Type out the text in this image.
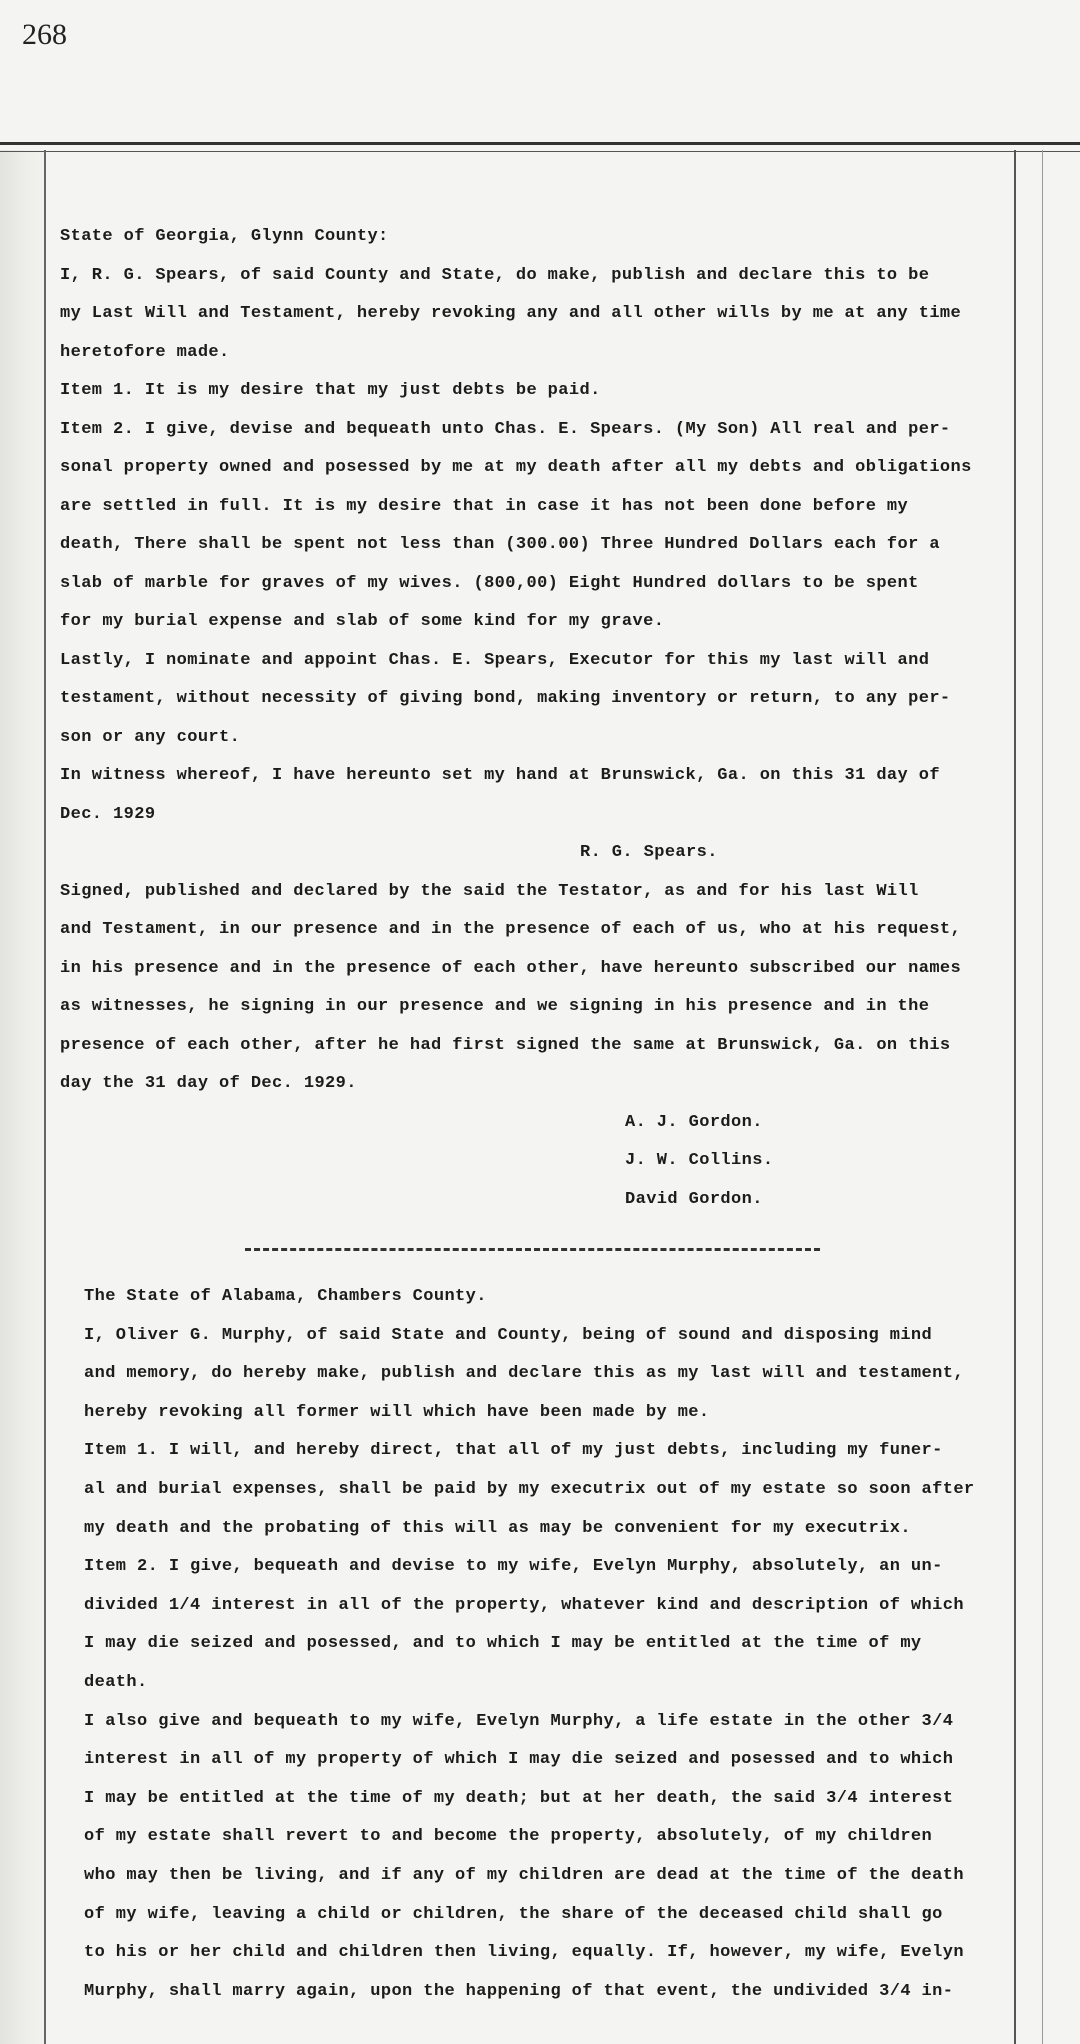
268

State of Georgia, Glynn County:

I, R. G. Spears, of said County and State, do make, publish and declare this to be

my Last Will and Testament, hereby revoking any and all other wills by me at any time

heretofore made.

Item 1. It is my desire that my just debts be paid.

Item 2. I give, devise and bequeath unto Chas. E. Spears. (My Son) All real and per-

sonal property owned and posessed by me at my death after all my debts and obligations

are settled in full. It is my desire that in case it has not been done before my

death, There shall be spent not less than (300.00) Three Hundred Dollars each for a

slab of marble for graves of my wives. (800,00) Eight Hundred dollars to be spent

for my burial expense and slab of some kind for my grave.

Lastly, I nominate and appoint Chas. E. Spears, Executor for this my last will and

testament, without necessity of giving bond, making inventory or return, to any per-

son or any court.

In witness whereof, I have hereunto set my hand at Brunswick, Ga. on this 31 day of

Dec. 1929

R. G. Spears.

Signed, published and declared by the said the Testator, as and for his last Will

and Testament, in our presence and in the presence of each of us, who at his request,

in his presence and in the presence of each other, have hereunto subscribed our names

as witnesses, he signing in our presence and we signing in his presence and in the

presence of each other, after he had first signed the same at Brunswick, Ga. on this

day the 31 day of Dec. 1929.

A. J. Gordon.

J. W. Collins.

David Gordon.

The State of Alabama, Chambers County.

I, Oliver G. Murphy, of said State and County, being of sound and disposing mind

and memory, do hereby make, publish and declare this as my last will and testament,

hereby revoking all former will which have been made by me.

Item 1. I will, and hereby direct, that all of my just debts, including my funer-

al and burial expenses, shall be paid by my executrix out of my estate so soon after

my death and the probating of this will as may be convenient for my executrix.

Item 2. I give, bequeath and devise to my wife, Evelyn Murphy, absolutely, an un-

divided 1/4 interest in all of the property, whatever kind and description of which

I may die seized and posessed, and to which I may be entitled at the time of my

death.

I also give and bequeath to my wife, Evelyn Murphy, a life estate in the other 3/4

interest in all of my property of which I may die seized and posessed and to which

I may be entitled at the time of my death; but at her death, the said 3/4 interest

of my estate shall revert to and become the property, absolutely, of my children

who may then be living, and if any of my children are dead at the time of the death

of my wife, leaving a child or children, the share of the deceased child shall go

to his or her child and children then living, equally. If, however, my wife, Evelyn

Murphy, shall marry again, upon the happening of that event, the undivided 3/4 in-
